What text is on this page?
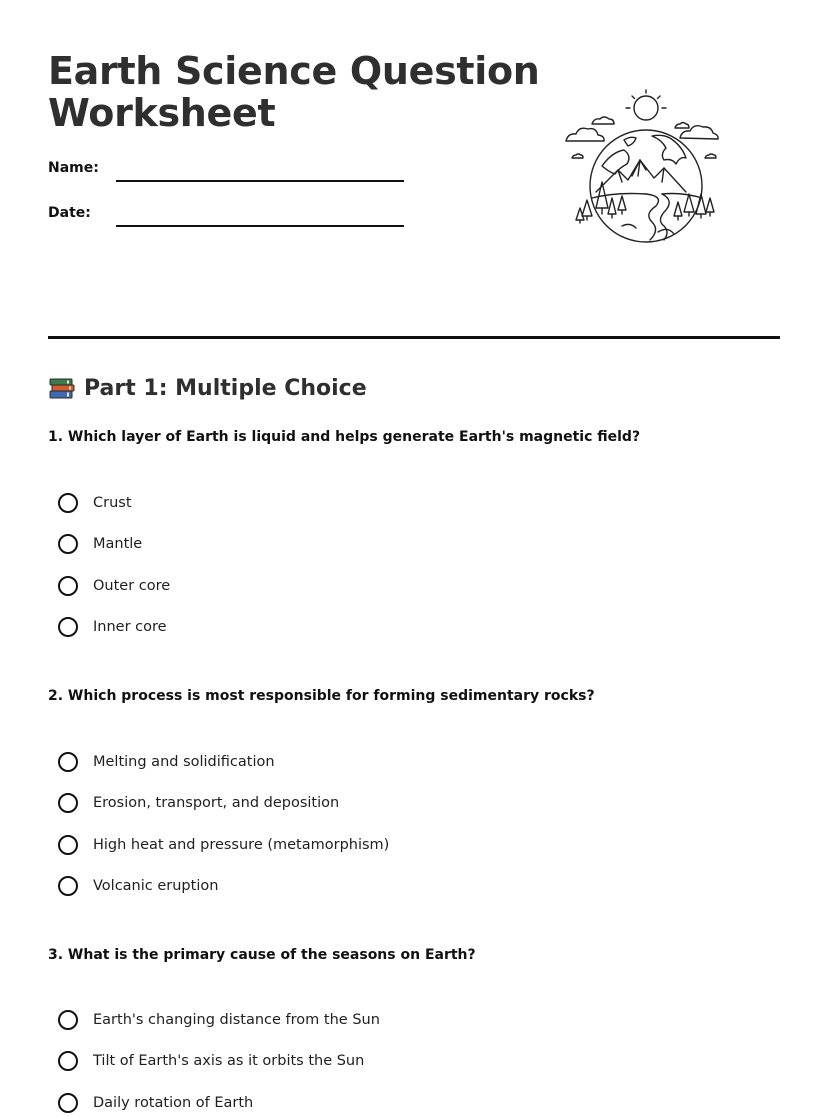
Earth Science Question Worksheet
Name:
Date:
Part 1: Multiple Choice

1. Which layer of Earth is liquid and helps generate Earth's magnetic field?

Crust
Mantle
Outer core
Inner core

2. Which process is most responsible for forming sedimentary rocks?

Melting and solidification
Erosion, transport, and deposition
High heat and pressure (metamorphism)
Volcanic eruption

3. What is the primary cause of the seasons on Earth?

Earth's changing distance from the Sun
Tilt of Earth's axis as it orbits the Sun
Daily rotation of Earth
